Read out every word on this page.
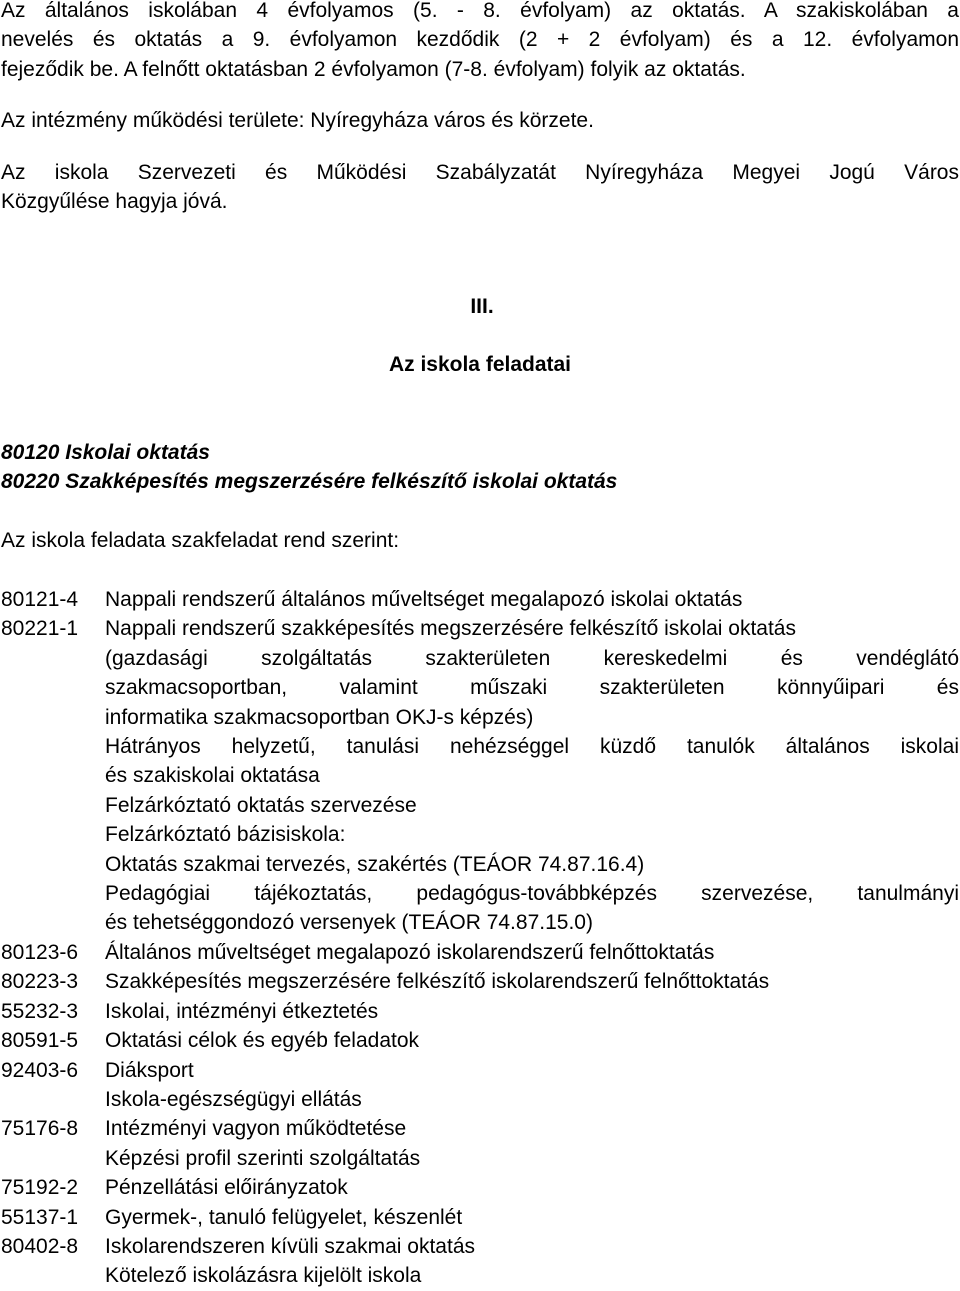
Az általános iskolában 4 évfolyamos (5. - 8. évfolyam) az oktatás. A szakiskolában a
nevelés és oktatás a 9. évfolyamon kezdődik (2 + 2 évfolyam) és a 12. évfolyamon
fejeződik be. A felnőtt oktatásban 2 évfolyamon (7-8. évfolyam) folyik az oktatás.

Az intézmény működési területe: Nyíregyháza város és körzete.

Az iskola Szervezeti és Működési Szabályzatát Nyíregyháza Megyei Jogú Város
Közgyűlése hagyja jóvá.

III.
Az iskola feladatai
80120 Iskolai oktatás
80220 Szakképesítés megszerzésére felkészítő iskolai oktatás
Az iskola feladata szakfeladat rend szerint:
80121-4	Nappali rendszerű általános műveltséget megalapozó iskolai oktatás
80221-1	Nappali rendszerű szakképesítés megszerzésére felkészítő iskolai oktatás
(gazdasági szolgáltatás szakterületen kereskedelmi és vendéglátó
szakmacsoportban, valamint műszaki szakterületen könnyűipari és
informatika szakmacsoportban OKJ-s képzés)
Hátrányos helyzetű, tanulási nehézséggel küzdő tanulók általános iskolai
és szakiskolai oktatása
Felzárkóztató oktatás szervezése
Felzárkóztató bázisiskola:
Oktatás szakmai tervezés, szakértés (TEÁOR 74.87.16.4)
Pedagógiai tájékoztatás, pedagógus-továbbképzés szervezése, tanulmányi
és tehetséggondozó versenyek (TEÁOR 74.87.15.0)
80123-6	Általános műveltséget megalapozó iskolarendszerű felnőttoktatás
80223-3	Szakképesítés megszerzésére felkészítő iskolarendszerű felnőttoktatás
55232-3	Iskolai, intézményi étkeztetés
80591-5	Oktatási célok és egyéb feladatok
92403-6	Diáksport
Iskola-egészségügyi ellátás
75176-8	Intézményi vagyon működtetése
Képzési profil szerinti szolgáltatás
75192-2	Pénzellátási előirányzatok
55137-1	Gyermek-, tanuló felügyelet, készenlét
80402-8	Iskolarendszeren kívüli szakmai oktatás
Kötelező iskolázásra kijelölt iskola
